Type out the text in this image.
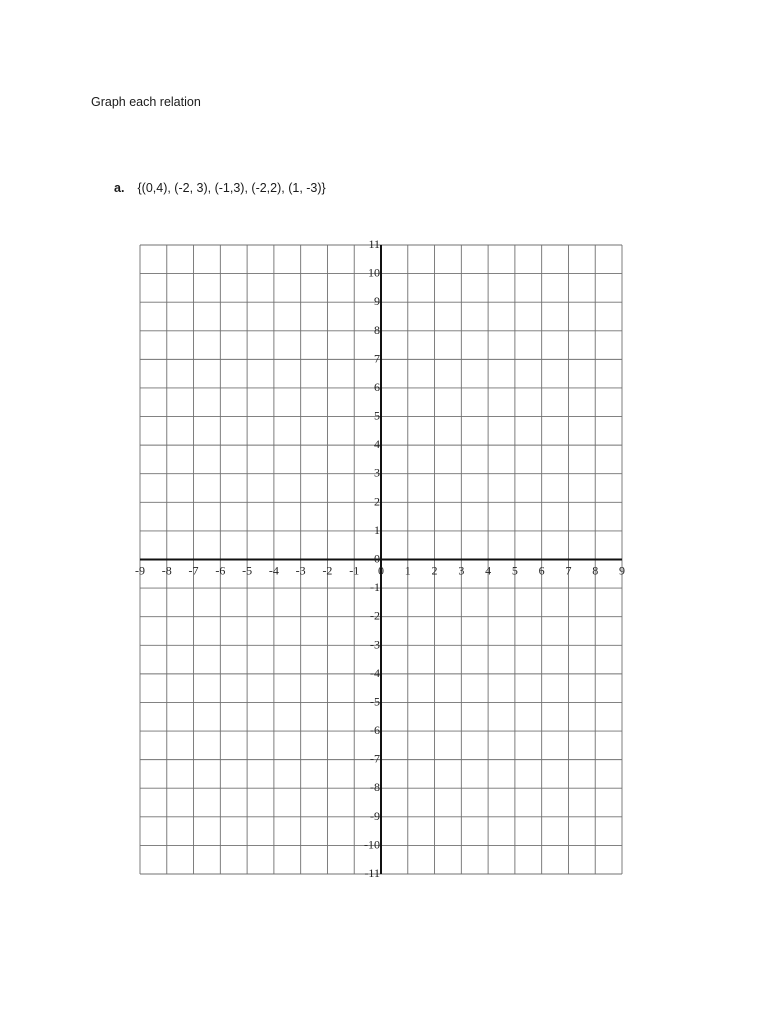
Graph each relation
a. {(0,4), (-2, 3), (-1,3), (-2,2), (1, -3)}
-9 -8 -7 -6 -5 -4 -3 -2 -1 0 1 2 3 4 5 6 7 8 9
-11
-10
-9
-8
-7
-6
-5
-4
-3
-2
-1
0
1
2
3
4
5
6
7
8
9
10
11
